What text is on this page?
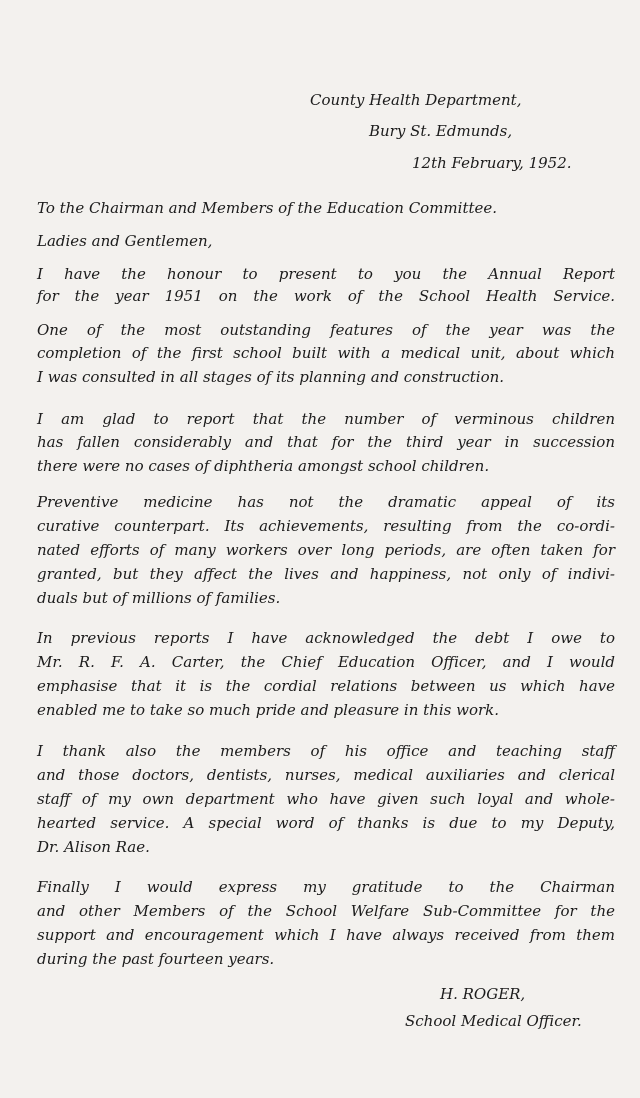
County Health Department,
Bury St. Edmunds,
12th February, 1952.
To the Chairman and Members of the Education Committee.
Ladies and Gentlemen,
I have the honour to present to you the Annual Report
for the year 1951 on the work of the School Health Service.
One of the most outstanding features of the year was the
completion of the first school built with a medical unit, about which
I was consulted in all stages of its planning and construction.
I am glad to report that the number of verminous children
has fallen considerably and that for the third year in succession
there were no cases of diphtheria amongst school children.
Preventive medicine has not the dramatic appeal of its
curative counterpart. Its achievements, resulting from the co-ordi-
nated efforts of many workers over long periods, are often taken for
granted, but they affect the lives and happiness, not only of indivi-
duals but of millions of families.
In previous reports I have acknowledged the debt I owe to
Mr. R. F. A. Carter, the Chief Education Officer, and I would
emphasise that it is the cordial relations between us which have
enabled me to take so much pride and pleasure in this work.
I thank also the members of his office and teaching staff
and those doctors, dentists, nurses, medical auxiliaries and clerical
staff of my own department who have given such loyal and whole-
hearted service. A special word of thanks is due to my Deputy,
Dr. Alison Rae.
Finally I would express my gratitude to the Chairman
and other Members of the School Welfare Sub-Committee for the
support and encouragement which I have always received from them
during the past fourteen years.
H. ROGER,
School Medical Officer.
